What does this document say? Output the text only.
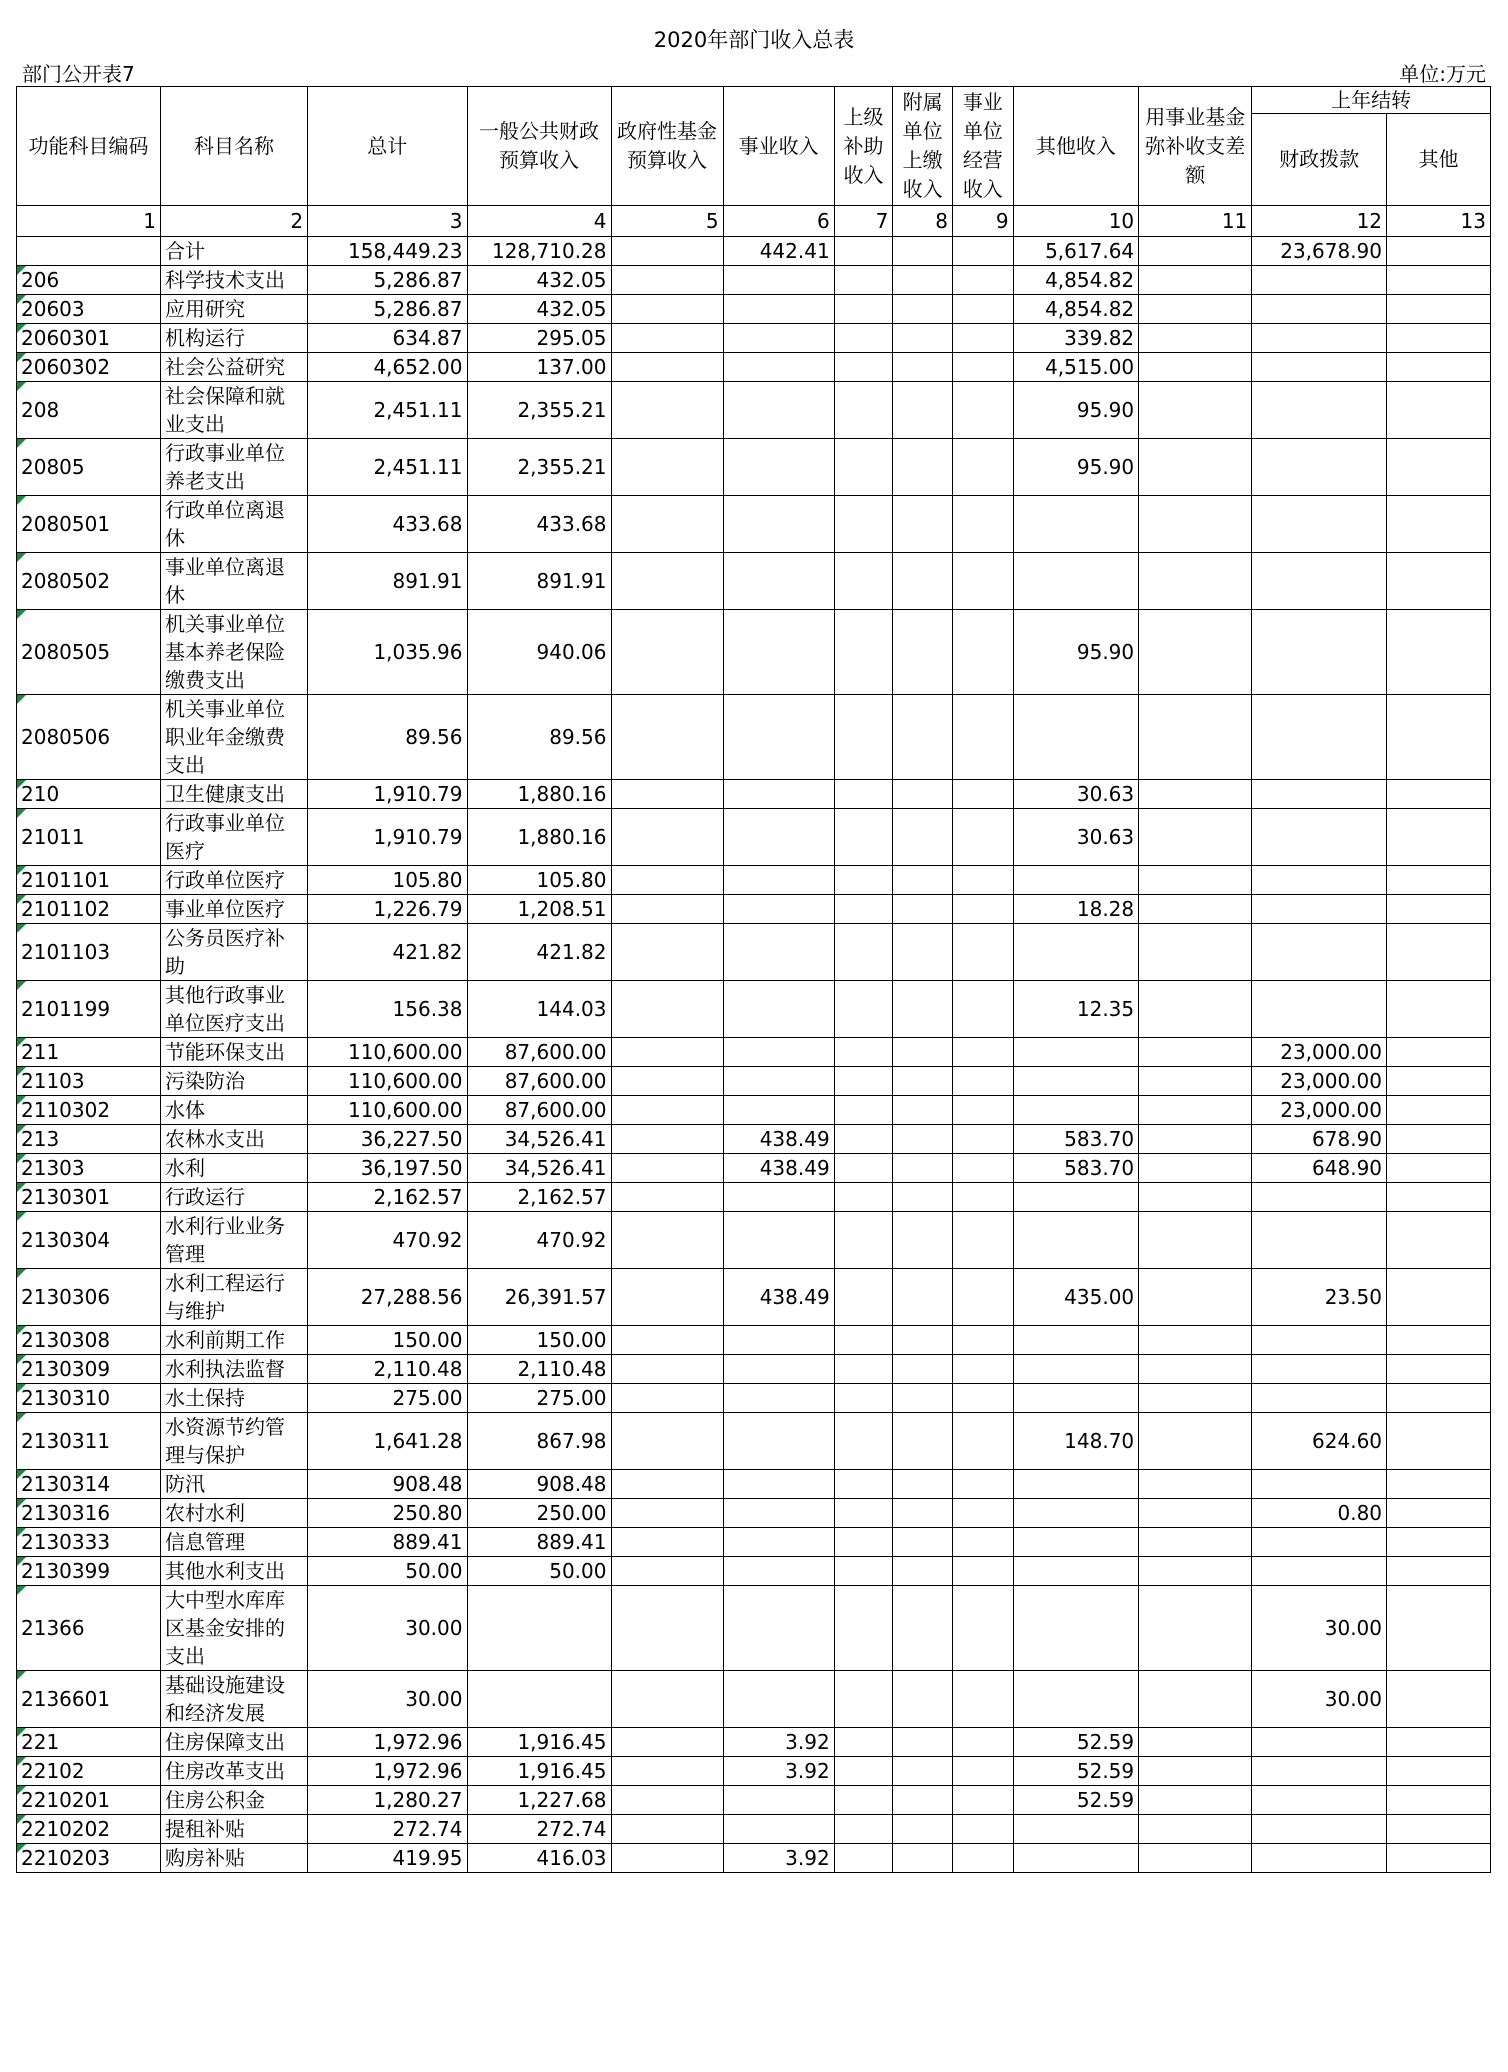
2020年部门收入总表
部门公开表7	单位:万元
功能科目编码	科目名称	总计	一般公共财政预算收入	政府性基金预算收入	事业收入	上级补助收入	附属单位上缴收入	事业单位经营收入	其他收入	用事业基金弥补收支差额	上年结转	
											财政拨款	其他
1	2	3	4	5	6	7	8	9	10	11	12	13
	合计	158,449.23	128,710.28		442.41				5,617.64		23,678.90	
206	科学技术支出	5,286.87	432.05						4,854.82			
20603	应用研究	5,286.87	432.05						4,854.82			
2060301	机构运行	634.87	295.05						339.82			
2060302	社会公益研究	4,652.00	137.00						4,515.00			
208	社会保障和就业支出	2,451.11	2,355.21						95.90			
20805	行政事业单位养老支出	2,451.11	2,355.21						95.90			
2080501	行政单位离退休	433.68	433.68									
2080502	事业单位离退休	891.91	891.91									
2080505	机关事业单位基本养老保险缴费支出	1,035.96	940.06						95.90			
2080506	机关事业单位职业年金缴费支出	89.56	89.56									
210	卫生健康支出	1,910.79	1,880.16						30.63			
21011	行政事业单位医疗	1,910.79	1,880.16						30.63			
2101101	行政单位医疗	105.80	105.80									
2101102	事业单位医疗	1,226.79	1,208.51						18.28			
2101103	公务员医疗补助	421.82	421.82									
2101199	其他行政事业单位医疗支出	156.38	144.03						12.35			
211	节能环保支出	110,600.00	87,600.00								23,000.00	
21103	污染防治	110,600.00	87,600.00								23,000.00	
2110302	水体	110,600.00	87,600.00								23,000.00	
213	农林水支出	36,227.50	34,526.41		438.49				583.70		678.90	
21303	水利	36,197.50	34,526.41		438.49				583.70		648.90	
2130301	行政运行	2,162.57	2,162.57									
2130304	水利行业业务管理	470.92	470.92									
2130306	水利工程运行与维护	27,288.56	26,391.57		438.49				435.00		23.50	
2130308	水利前期工作	150.00	150.00									
2130309	水利执法监督	2,110.48	2,110.48									
2130310	水土保持	275.00	275.00									
2130311	水资源节约管理与保护	1,641.28	867.98						148.70		624.60	
2130314	防汛	908.48	908.48									
2130316	农村水利	250.80	250.00								0.80	
2130333	信息管理	889.41	889.41									
2130399	其他水利支出	50.00	50.00									
21366	大中型水库库区基金安排的支出	30.00									30.00	
2136601	基础设施建设和经济发展	30.00									30.00	
221	住房保障支出	1,972.96	1,916.45		3.92				52.59			
22102	住房改革支出	1,972.96	1,916.45		3.92				52.59			
2210201	住房公积金	1,280.27	1,227.68						52.59			
2210202	提租补贴	272.74	272.74									
2210203	购房补贴	419.95	416.03		3.92							
